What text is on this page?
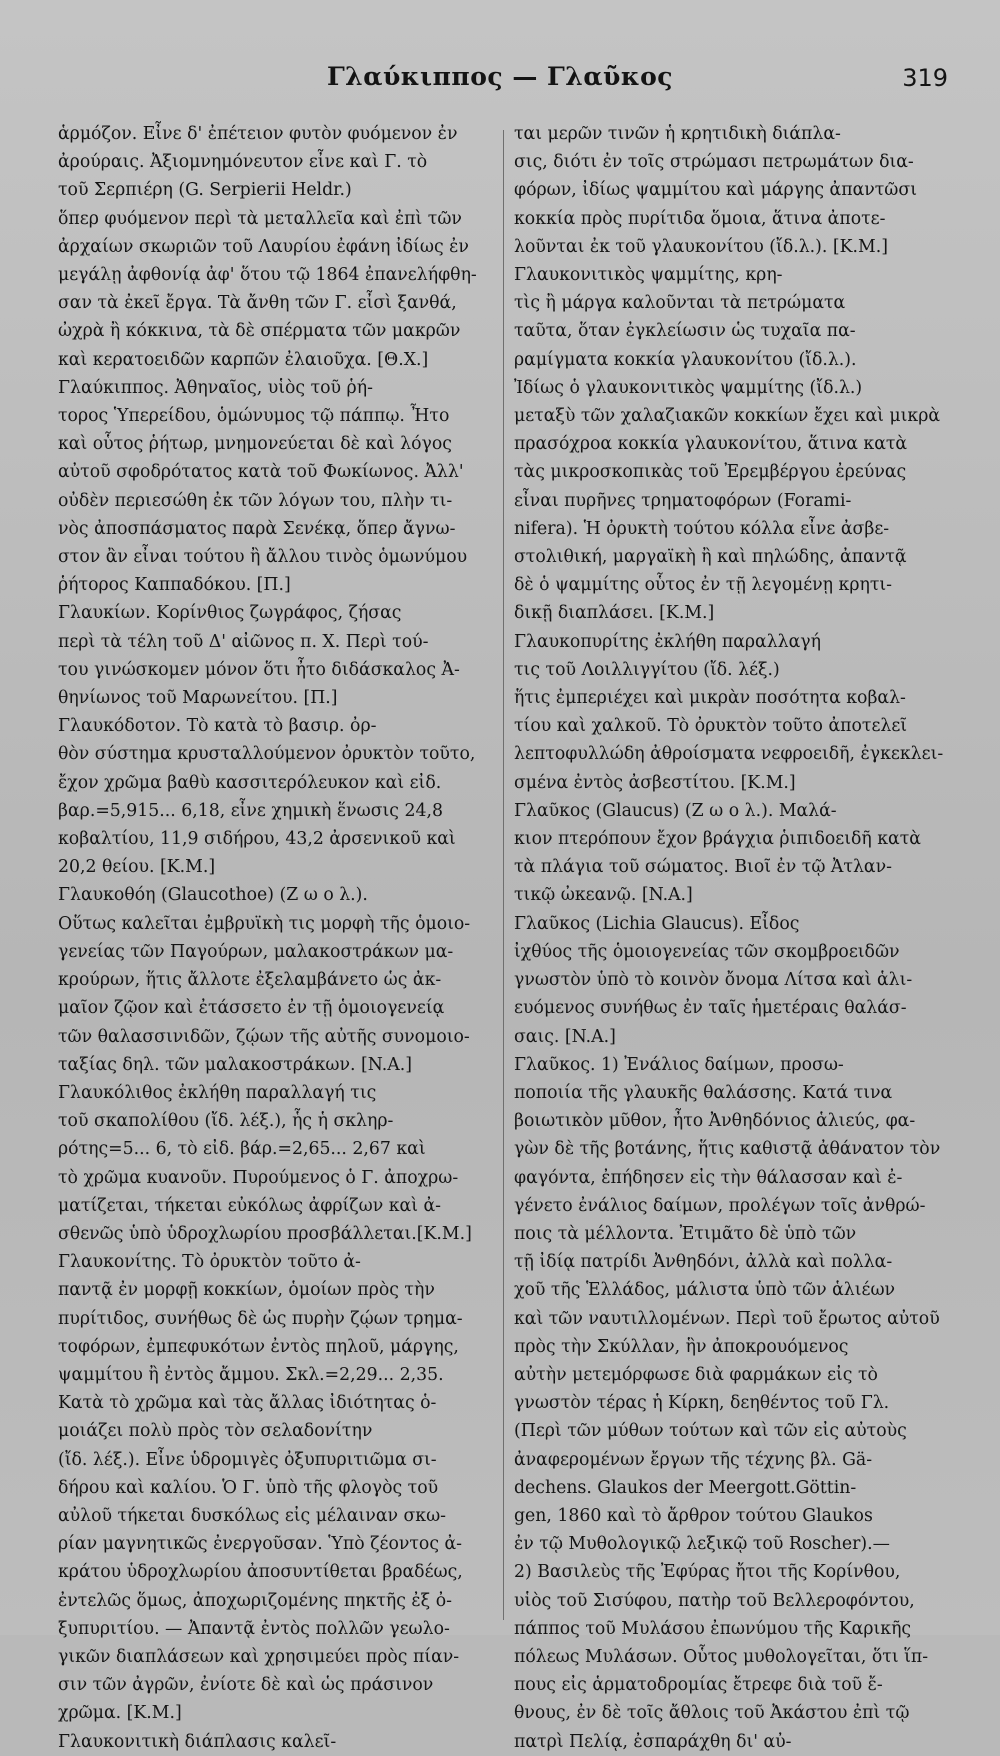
Γλαύκιππος — Γλαῦκος	319
ἁρμόζον. Εἶνε δ' ἐπέτειον φυτὸν φυόμενον ἐν
ἀρούραις. Ἀξιομνημόνευτον εἶνε καὶ Γ. τὸ
τοῦ Σερπιέρη (G. Serpierii Heldr.)
ὅπερ φυόμενον περὶ τὰ μεταλλεῖα καὶ ἐπὶ τῶν
ἀρχαίων σκωριῶν τοῦ Λαυρίου ἐφάνη ἰδίως ἐν
μεγάλῃ ἀφθονίᾳ ἀφ' ὅτου τῷ 1864 ἐπανελήφθη-
σαν τὰ ἐκεῖ ἔργα. Τὰ ἄνθη τῶν Γ. εἶσὶ ξανθά,
ὠχρὰ ἢ κόκκινα, τὰ δὲ σπέρματα τῶν μακρῶν
καὶ κερατοειδῶν καρπῶν ἐλαιοῦχα. [Θ.Χ.]
Γλαύκιππος. Ἀθηναῖος, υἱὸς τοῦ ῥή-
τορος Ὑπερείδου, ὁμώνυμος τῷ πάππῳ. Ἦτο
καὶ οὗτος ῥήτωρ, μνημονεύεται δὲ καὶ λόγος
αὐτοῦ σφοδρότατος κατὰ τοῦ Φωκίωνος. Ἀλλ'
οὐδὲν περιεσώθη ἐκ τῶν λόγων του, πλὴν τι-
νὸς ἀποσπάσματος παρὰ Σενέκᾳ, ὅπερ ἄγνω-
στον ἂν εἶναι τούτου ἢ ἄλλου τινὸς ὁμωνύμου
ῥήτορος Καππαδόκου. [Π.]
Γλαυκίων. Κορίνθιος ζωγράφος, ζήσας
περὶ τὰ τέλη τοῦ Δ' αἰῶνος π. Χ. Περὶ τού-
του γινώσκομεν μόνον ὅτι ἦτο διδάσκαλος Ἀ-
θηνίωνος τοῦ Μαρωνείτου. [Π.]
Γλαυκόδοτον. Τὸ κατὰ τὸ βασιρ. ὀρ-
θὸν σύστημα κρυσταλλούμενον ὀρυκτὸν τοῦτο,
ἔχον χρῶμα βαθὺ κασσιτερόλευκον καὶ εἰδ.
βαρ.=5,915... 6,18, εἶνε χημικὴ ἕνωσις 24,8
κοβαλτίου, 11,9 σιδήρου, 43,2 ἀρσενικοῦ καὶ
20,2 θείου. [Κ.Μ.]
Γλαυκοθόη (Glaucothoe) (Ζ ω ο λ.).
Οὕτως καλεῖται ἐμβρυϊκὴ τις μορφὴ τῆς ὁμοιο-
γενείας τῶν Παγούρων, μαλακοστράκων μα-
κρούρων, ἥτις ἄλλοτε ἐξελαμβάνετο ὡς ἀκ-
μαῖον ζῷον καὶ ἐτάσσετο ἐν τῇ ὁμοιογενείᾳ
τῶν θαλασσινιδῶν, ζῴων τῆς αὐτῆς συνομοιο-
ταξίας δηλ. τῶν μαλακοστράκων. [N.A.]
Γλαυκόλιθος ἐκλήθη παραλλαγή τις
τοῦ σκαπολίθου (ἴδ. λέξ.), ἧς ἡ σκληρ-
ρότης=5... 6, τὸ εἰδ. βάρ.=2,65... 2,67 καὶ
τὸ χρῶμα κυανοῦν. Πυρούμενος ὁ Γ. ἀποχρω-
ματίζεται, τήκεται εὐκόλως ἀφρίζων καὶ ἀ-
σθενῶς ὑπὸ ὑδροχλωρίου προσβάλλεται.[Κ.Μ.]
Γλαυκονίτης. Τὸ ὀρυκτὸν τοῦτο ἀ-
παντᾷ ἐν μορφῇ κοκκίων, ὁμοίων πρὸς τὴν
πυρίτιδος, συνήθως δὲ ὡς πυρὴν ζῴων τρημα-
τοφόρων, ἐμπεφυκότων ἐντὸς πηλοῦ, μάργης,
ψαμμίτου ἢ ἐντὸς ἄμμου. Σκλ.=2,29... 2,35.
Κατὰ τὸ χρῶμα καὶ τὰς ἄλλας ἰδιότητας ὁ-
μοιάζει πολὺ πρὸς τὸν σελαδονίτην
(ἴδ. λέξ.). Εἶνε ὑδρομιγὲς ὀξυπυριτιῶμα σι-
δήρου καὶ καλίου. Ὁ Γ. ὑπὸ τῆς φλογὸς τοῦ
αὐλοῦ τήκεται δυσκόλως εἰς μέλαιναν σκω-
ρίαν μαγνητικῶς ἐνεργοῦσαν. Ὑπὸ ζέοντος ἀ-
κράτου ὑδροχλωρίου ἀποσυντίθεται βραδέως,
ἐντελῶς ὅμως, ἀποχωριζομένης πηκτῆς ἐξ ὀ-
ξυπυριτίου. — Ἀπαντᾷ ἐντὸς πολλῶν γεωλο-
γικῶν διαπλάσεων καὶ χρησιμεύει πρὸς πίαν-
σιν τῶν ἀγρῶν, ἐνίοτε δὲ καὶ ὡς πράσινον
χρῶμα. [Κ.Μ.]
Γλαυκονιτικὴ διάπλασις καλεῖ-
ται μερῶν τινῶν ἡ κρητιδικὴ διάπλα-
σις, διότι ἐν τοῖς στρώμασι πετρωμάτων δια-
φόρων, ἰδίως ψαμμίτου καὶ μάργης ἀπαντῶσι
κοκκία πρὸς πυρίτιδα ὅμοια, ἅτινα ἀποτε-
λοῦνται ἐκ τοῦ γλαυκονίτου (ἴδ.λ.). [Κ.Μ.]
Γλαυκονιτικὸς ψαμμίτης, κρη-
τὶς ἢ μάργα καλοῦνται τὰ πετρώματα
ταῦτα, ὅταν ἐγκλείωσιν ὡς τυχαῖα πα-
ραμίγματα κοκκία γλαυκονίτου (ἴδ.λ.).
Ἰδίως ὁ γλαυκονιτικὸς ψαμμίτης (ἴδ.λ.)
μεταξὺ τῶν χαλαζιακῶν κοκκίων ἔχει καὶ μικρὰ
πρασόχροα κοκκία γλαυκονίτου, ἅτινα κατὰ
τὰς μικροσκοπικὰς τοῦ Ἐρεμβέργου ἐρεύνας
εἶναι πυρῆνες τρηματοφόρων (Forami-
nifera). Ἡ ὀρυκτὴ τούτου κόλλα εἶνε ἀσβε-
στολιθική, μαργαϊκὴ ἢ καὶ πηλώδης, ἀπαντᾷ
δὲ ὁ ψαμμίτης οὗτος ἐν τῇ λεγομένῃ κρητι-
δικῇ διαπλάσει. [Κ.Μ.]
Γλαυκοπυρίτης ἐκλήθη παραλλαγή
τις τοῦ Λοιλλιγγίτου (ἴδ. λέξ.)
ἥτις ἐμπεριέχει καὶ μικρὰν ποσότητα κοβαλ-
τίου καὶ χαλκοῦ. Τὸ ὀρυκτὸν τοῦτο ἀποτελεῖ
λεπτοφυλλώδη ἀθροίσματα νεφροειδῆ, ἐγκεκλει-
σμένα ἐντὸς ἀσβεστίτου. [Κ.Μ.]
Γλαῦκος (Glaucus) (Ζ ω ο λ.). Μαλά-
κιον πτερόπουν ἔχον βράγχια ῥιπιδοειδῆ κατὰ
τὰ πλάγια τοῦ σώματος. Βιοῖ ἐν τῷ Ἀτλαν-
τικῷ ὠκεανῷ. [N.A.]
Γλαῦκος (Lichia Glaucus). Εἶδος
ἰχθύος τῆς ὁμοιογενείας τῶν σκομβροειδῶν
γνωστὸν ὑπὸ τὸ κοινὸν ὄνομα Λίτσα καὶ ἁλι-
ευόμενος συνήθως ἐν ταῖς ἡμετέραις θαλάσ-
σαις. [N.A.]
Γλαῦκος. 1) Ἐνάλιος δαίμων, προσω-
ποποιία τῆς γλαυκῆς θαλάσσης. Κατά τινα
βοιωτικὸν μῦθον, ἦτο Ἀνθηδόνιος ἁλιεύς, φα-
γὼν δὲ τῆς βοτάνης, ἥτις καθιστᾷ ἀθάνατον τὸν
φαγόντα, ἐπήδησεν εἰς τὴν θάλασσαν καὶ ἐ-
γένετο ἐνάλιος δαίμων, προλέγων τοῖς ἀνθρώ-
ποις τὰ μέλλοντα. Ἐτιμᾶτο δὲ ὑπὸ τῶν
τῇ ἰδίᾳ πατρίδι Ἀνθηδόνι, ἀλλὰ καὶ πολλα-
χοῦ τῆς Ἑλλάδος, μάλιστα ὑπὸ τῶν ἁλιέων
καὶ τῶν ναυτιλλομένων. Περὶ τοῦ ἔρωτος αὐτοῦ
πρὸς τὴν Σκύλλαν, ἣν ἀποκρουόμενος
αὐτὴν μετεμόρφωσε διὰ φαρμάκων εἰς τὸ
γνωστὸν τέρας ἡ Κίρκη, δεηθέντος τοῦ Γλ.
(Περὶ τῶν μύθων τούτων καὶ τῶν εἰς αὐτοὺς
ἀναφερομένων ἔργων τῆς τέχνης βλ. Gä-
dechens. Glaukos der Meergott.Göttin-
gen, 1860 καὶ τὸ ἄρθρον τούτου Glaukos
ἐν τῷ Μυθολογικῷ λεξικῷ τοῦ Roscher).—
2) Βασιλεὺς τῆς Ἐφύρας ἤτοι τῆς Κορίνθου,
υἱὸς τοῦ Σισύφου, πατὴρ τοῦ Βελλεροφόντου,
πάππος τοῦ Μυλάσου ἐπωνύμου τῆς Καρικῆς
πόλεως Μυλάσων. Οὗτος μυθολογεῖται, ὅτι ἵπ-
πους εἰς ἁρματοδρομίας ἔτρεφε διὰ τοῦ ἔ-
θνους, ἐν δὲ τοῖς ἄθλοις τοῦ Ἀκάστου ἐπὶ τῷ
πατρὶ Πελίᾳ, ἐσπαράχθη δι' αὐ-
